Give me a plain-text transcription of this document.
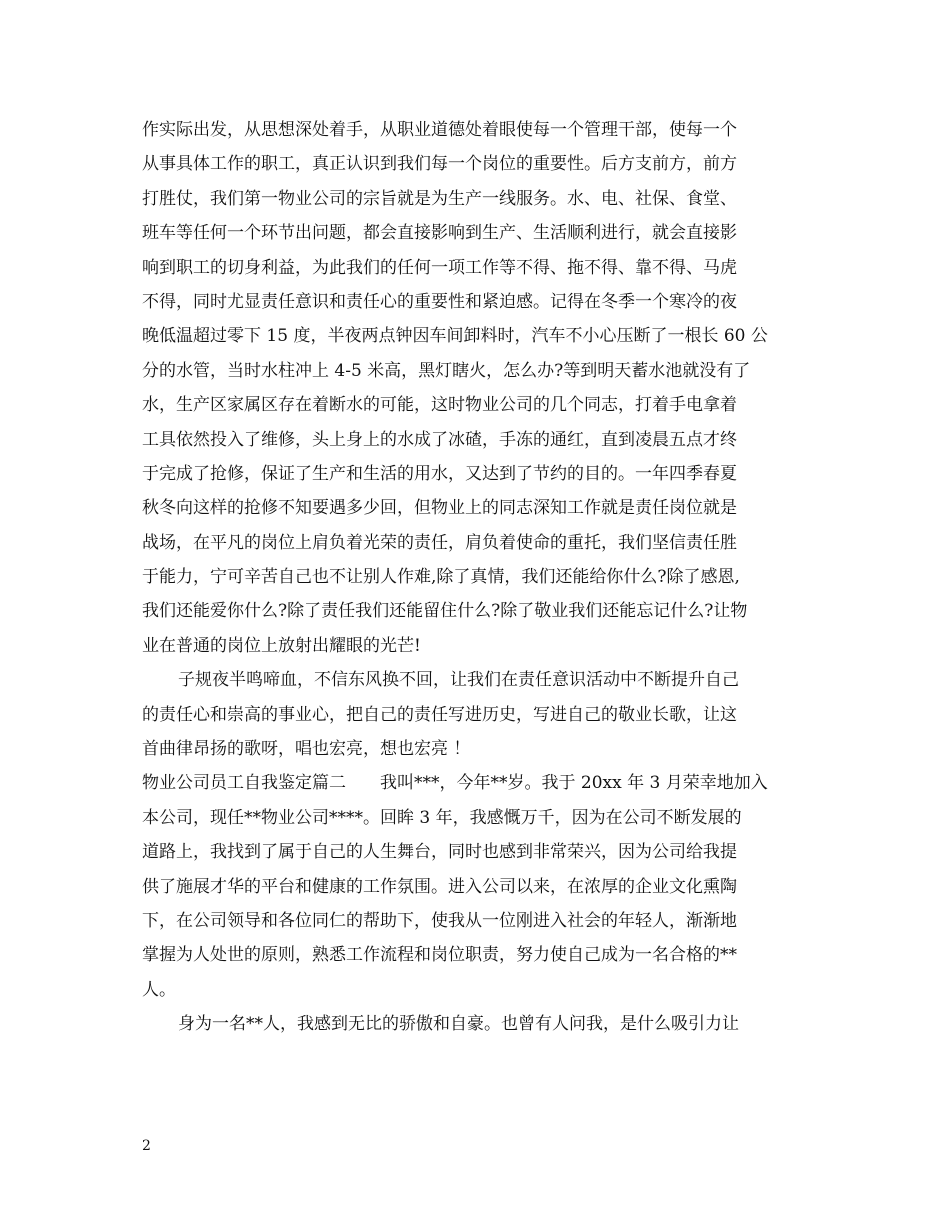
作实际出发，从思想深处着手，从职业道德处着眼使每一个管理干部，使每一个
从事具体工作的职工，真正认识到我们每一个岗位的重要性。后方支前方，前方
打胜仗，我们第一物业公司的宗旨就是为生产一线服务。水、电、社保、食堂、
班车等任何一个环节出问题，都会直接影响到生产、生活顺利进行，就会直接影
响到职工的切身利益，为此我们的任何一项工作等不得、拖不得、靠不得、马虎
不得，同时尤显责任意识和责任心的重要性和紧迫感。记得在冬季一个寒冷的夜
晚低温超过零下 15 度，半夜两点钟因车间卸料时，汽车不小心压断了一根长 60 公
分的水管，当时水柱冲上 4-5 米高，黑灯瞎火，怎么办?等到明天蓄水池就没有了
水，生产区家属区存在着断水的可能，这时物业公司的几个同志，打着手电拿着
工具依然投入了维修，头上身上的水成了冰碴，手冻的通红，直到凌晨五点才终
于完成了抢修，保证了生产和生活的用水，又达到了节约的目的。一年四季春夏
秋冬向这样的抢修不知要遇多少回，但物业上的同志深知工作就是责任岗位就是
战场，在平凡的岗位上肩负着光荣的责任，肩负着使命的重托，我们坚信责任胜
于能力，宁可辛苦自己也不让别人作难,除了真情，我们还能给你什么?除了感恩,
我们还能爱你什么?除了责任我们还能留住什么?除了敬业我们还能忘记什么?让物
业在普通的岗位上放射出耀眼的光芒!
子规夜半鸣啼血，不信东风换不回，让我们在责任意识活动中不断提升自己
的责任心和崇高的事业心，把自己的责任写进历史，写进自己的敬业长歌，让这
首曲律昂扬的歌呀，唱也宏亮，想也宏亮 ！
物业公司员工自我鉴定篇二　　我叫***，今年**岁。我于 20xx 年 3 月荣幸地加入
本公司，现任**物业公司****。回眸 3 年，我感慨万千，因为在公司不断发展的
道路上，我找到了属于自己的人生舞台，同时也感到非常荣兴，因为公司给我提
供了施展才华的平台和健康的工作氛围。进入公司以来，在浓厚的企业文化熏陶
下，在公司领导和各位同仁的帮助下，使我从一位刚进入社会的年轻人，渐渐地
掌握为人处世的原则，熟悉工作流程和岗位职责，努力使自己成为一名合格的**
人。
身为一名**人，我感到无比的骄傲和自豪。也曾有人问我，是什么吸引力让
2
